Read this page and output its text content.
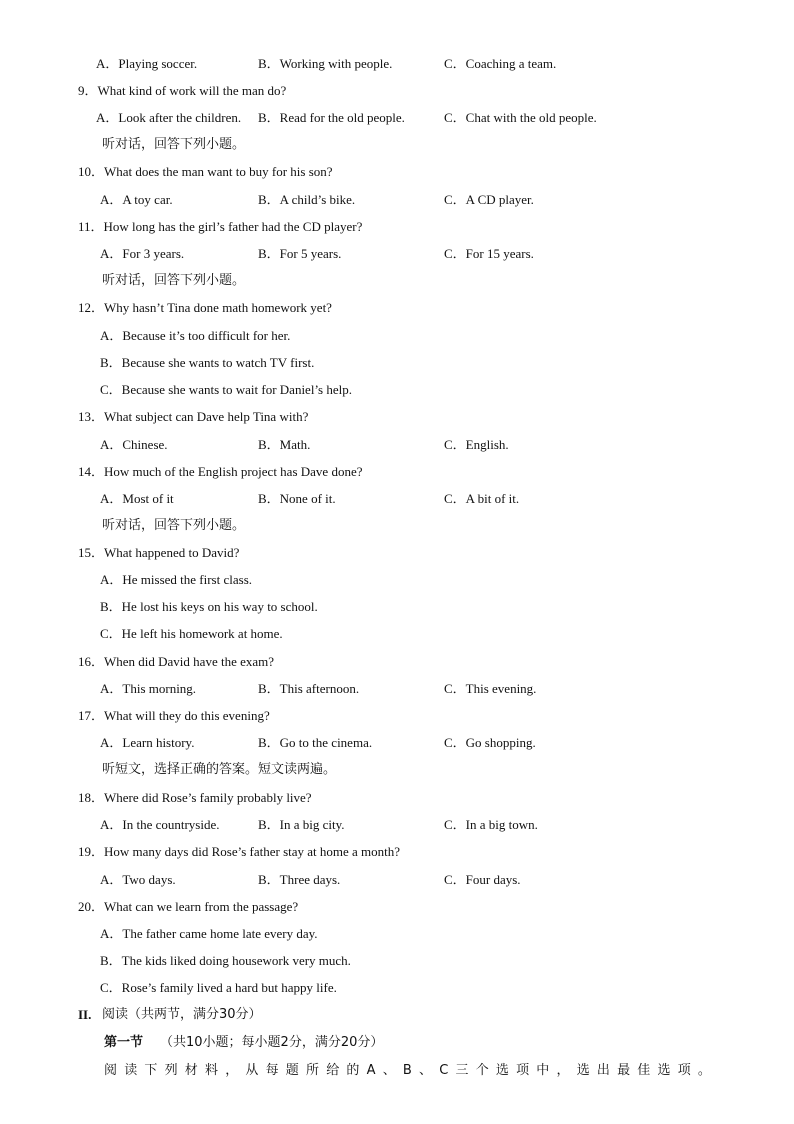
A．Playing soccer.	B．Working with people.	C．Coaching a team.
9．What kind of work will the man do?
A．Look after the children. B．Read for the old people.	C．Chat with the old people.
听对话，回答下列小题。
10．What does the man want to buy for his son?
A．A toy car.	B．A child’s bike.	C．A CD player.
11．How long has the girl’s father had the CD player?
A．For 3 years.	B．For 5 years.	C．For 15 years.
听对话，回答下列小题。
12．Why hasn’t Tina done math homework yet?
A．Because it’s too difficult for her.
B．Because she wants to watch TV first.
C．Because she wants to wait for Daniel’s help.
13．What subject can Dave help Tina with?
A．Chinese.	B．Math.	C．English.
14．How much of the English project has Dave done?
A．Most of it	B．None of it.	C．A bit of it.
听对话，回答下列小题。
15．What happened to David?
A．He missed the first class.
B．He lost his keys on his way to school.
C．He left his homework at home.
16．When did David have the exam?
A．This morning.	B．This afternoon.	C．This evening.
17．What will they do this evening?
A．Learn history.	B．Go to the cinema.	C．Go shopping.
听短文，选择正确的答案。短文读两遍。
18．Where did Rose’s family probably live?
A．In the countryside.	B．In a big city.	C．In a big town.
19．How many days did Rose’s father stay at home a month?
A．Two days.	B．Three days.	C．Four days.
20．What can we learn from the passage?
A．The father came home late every day.
B．The kids liked doing housework very much.
C．Rose’s family lived a hard but happy life.
II. 阅读（共两节，满分30分）
第一节 （共10小题；每小题2分，满分20分）
阅读下列材料，从每题所给的A、B、C三个选项中，选出最佳选项。
